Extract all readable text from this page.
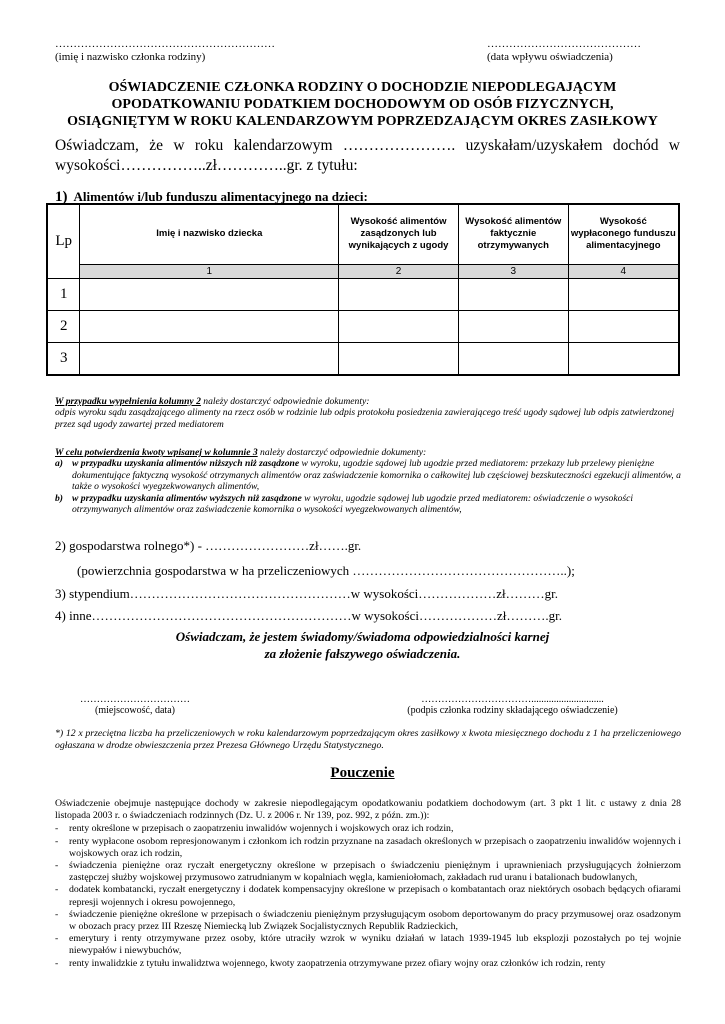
……………………………………………………
(imię i nazwisko członka rodziny)
……………………………………
(data wpływu oświadczenia)
OŚWIADCZENIE CZŁONKA RODZINY O DOCHODZIE NIEPODLEGAJĄCYM
OPODATKOWANIU PODATKIEM DOCHODOWYM OD OSÓB FIZYCZNYCH,
OSIĄGNIĘTYM W ROKU KALENDARZOWYM POPRZEDZAJĄCYM OKRES ZASIŁKOWY
Oświadczam, że w roku kalendarzowym …………………. uzyskałam/uzyskałem dochód w wysokości……………..zł…………..gr. z tytułu:
1) Alimentów i/lub funduszu alimentacyjnego na dzieci:
Lp	Imię i nazwisko dziecka	Wysokość alimentów zasądzonych lub wynikających z ugody	Wysokość alimentów faktycznie otrzymywanych	Wysokość wypłaconego funduszu alimentacyjnego
	1	2	3	4
1				
2				
3				
W przypadku wypełnienia kolumny 2 należy dostarczyć odpowiednie dokumenty:
odpis wyroku sądu zasądzającego alimenty na rzecz osób w rodzinie lub odpis protokołu posiedzenia zawierającego treść ugody sądowej lub odpis zatwierdzonej przez sąd ugody zawartej przed mediatorem
W celu potwierdzenia kwoty wpisanej w kolumnie 3 należy dostarczyć odpowiednie dokumenty:
a) w przypadku uzyskania alimentów niższych niż zasądzone w wyroku, ugodzie sądowej lub ugodzie przed mediatorem: przekazy lub przelewy pieniężne dokumentujące faktyczną wysokość otrzymanych alimentów oraz zaświadczenie komornika o całkowitej lub częściowej bezskuteczności egzekucji alimentów, a także o wysokości wyegzekwowanych alimentów,
b) w przypadku uzyskania alimentów wyższych niż zasądzone w wyroku, ugodzie sądowej lub ugodzie przed mediatorem: oświadczenie o wysokości otrzymywanych alimentów oraz zaświadczenie komornika o wysokości wyegzekwowanych alimentów,
2) gospodarstwa rolnego*) - ……………………zł…….gr.
(powierzchnia gospodarstwa w ha przeliczeniowych …………………………………………..);
3) stypendium……………………………………………w wysokości………………zł………gr.
4) inne……………………………………………………w wysokości………………zł……….gr.
Oświadczam, że jestem świadomy/świadoma odpowiedzialności karnej
za złożenie fałszywego oświadczenia.
……………………………
(miejscowość, data)
…………………………….............................
(podpis członka rodziny składającego oświadczenie)
*) 12 x przeciętna liczba ha przeliczeniowych w roku kalendarzowym poprzedzającym okres zasiłkowy x kwota miesięcznego dochodu z 1 ha przeliczeniowego ogłaszana w drodze obwieszczenia przez Prezesa Głównego Urzędu Statystycznego.
Pouczenie
Oświadczenie obejmuje następujące dochody w zakresie niepodlegającym opodatkowaniu podatkiem dochodowym (art. 3 pkt 1 lit. c ustawy z dnia 28 listopada 2003 r. o świadczeniach rodzinnych (Dz. U. z 2006 r. Nr 139, poz. 992, z późn. zm.)):
-	renty określone w przepisach o zaopatrzeniu inwalidów wojennych i wojskowych oraz ich rodzin,
-	renty wypłacone osobom represjonowanym i członkom ich rodzin przyznane na zasadach określonych w przepisach o zaopatrzeniu inwalidów wojennych i wojskowych oraz ich rodzin,
-	świadczenia pieniężne oraz ryczałt energetyczny określone w przepisach o świadczeniu pieniężnym i uprawnieniach przysługujących żołnierzom zastępczej służby wojskowej przymusowo zatrudnianym w kopalniach węgla, kamieniołomach, zakładach rud uranu i batalionach budowlanych,
-	dodatek kombatancki, ryczałt energetyczny i dodatek kompensacyjny określone w przepisach o kombatantach oraz niektórych osobach będących ofiarami represji wojennych i okresu powojennego,
-	świadczenie pieniężne określone w przepisach o świadczeniu pieniężnym przysługującym osobom deportowanym do pracy przymusowej oraz osadzonym w obozach pracy przez III Rzeszę Niemiecką lub Związek Socjalistycznych Republik Radzieckich,
-	emerytury i renty otrzymywane przez osoby, które utraciły wzrok w wyniku działań w latach 1939-1945 lub eksplozji pozostałych po tej wojnie niewypałów i niewybuchów,
-	renty inwalidzkie z tytułu inwalidztwa wojennego, kwoty zaopatrzenia otrzymywane przez ofiary wojny oraz członków ich rodzin, renty
